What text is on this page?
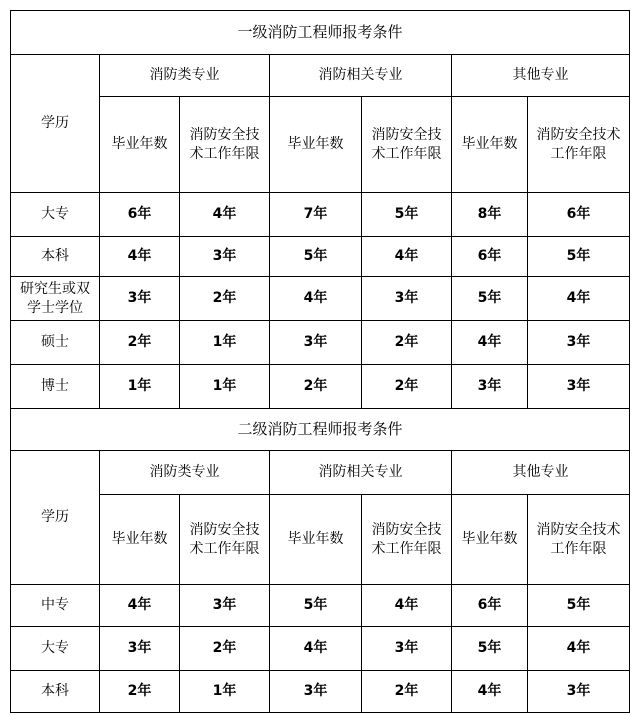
一级消防工程师报考条件						
学历	消防类专业		消防相关专业		其他专业	
	毕业年数	消防安全技术工作年限	毕业年数	消防安全技术工作年限	毕业年数	消防安全技术工作年限
大专	6年	4年	7年	5年	8年	6年
本科	4年	3年	5年	4年	6年	5年
研究生或双学士学位	3年	2年	4年	3年	5年	4年
硕士	2年	1年	3年	2年	4年	3年
博士	1年	1年	2年	2年	3年	3年
二级消防工程师报考条件						
学历	消防类专业		消防相关专业		其他专业	
	毕业年数	消防安全技术工作年限	毕业年数	消防安全技术工作年限	毕业年数	消防安全技术工作年限
中专	4年	3年	5年	4年	6年	5年
大专	3年	2年	4年	3年	5年	4年
本科	2年	1年	3年	2年	4年	3年
